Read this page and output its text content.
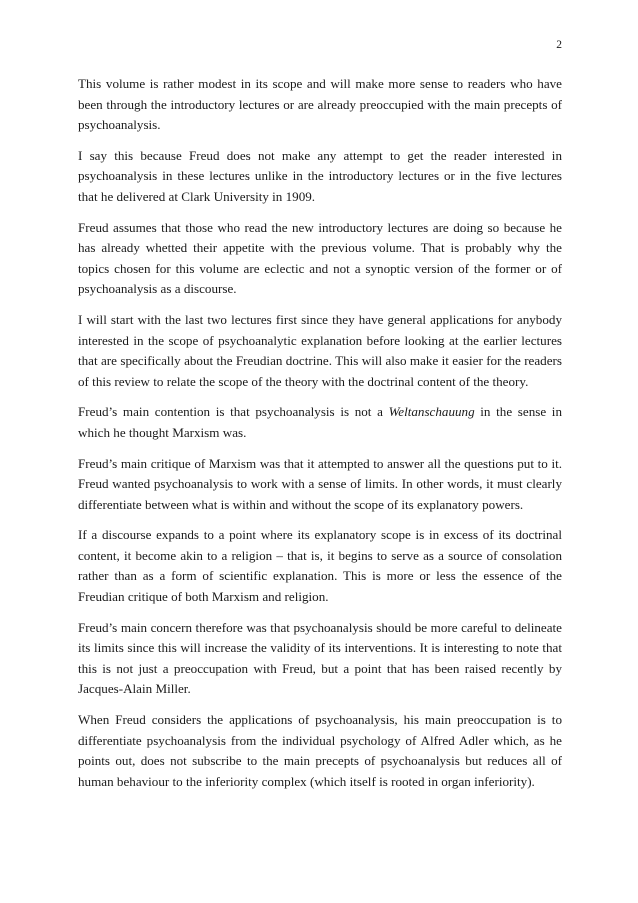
2

This volume is rather modest in its scope and will make more sense to readers who have been through the introductory lectures or are already preoccupied with the main precepts of psychoanalysis.

I say this because Freud does not make any attempt to get the reader interested in psychoanalysis in these lectures unlike in the introductory lectures or in the five lectures that he delivered at Clark University in 1909.

Freud assumes that those who read the new introductory lectures are doing so because he has already whetted their appetite with the previous volume. That is probably why the topics chosen for this volume are eclectic and not a synoptic version of the former or of psychoanalysis as a discourse.

I will start with the last two lectures first since they have general applications for anybody interested in the scope of psychoanalytic explanation before looking at the earlier lectures that are specifically about the Freudian doctrine. This will also make it easier for the readers of this review to relate the scope of the theory with the doctrinal content of the theory.

Freud’s main contention is that psychoanalysis is not a Weltanschauung in the sense in which he thought Marxism was.

Freud’s main critique of Marxism was that it attempted to answer all the questions put to it. Freud wanted psychoanalysis to work with a sense of limits. In other words, it must clearly differentiate between what is within and without the scope of its explanatory powers.

If a discourse expands to a point where its explanatory scope is in excess of its doctrinal content, it become akin to a religion – that is, it begins to serve as a source of consolation rather than as a form of scientific explanation. This is more or less the essence of the Freudian critique of both Marxism and religion.

Freud’s main concern therefore was that psychoanalysis should be more careful to delineate its limits since this will increase the validity of its interventions. It is interesting to note that this is not just a preoccupation with Freud, but a point that has been raised recently by Jacques-Alain Miller.

When Freud considers the applications of psychoanalysis, his main preoccupation is to differentiate psychoanalysis from the individual psychology of Alfred Adler which, as he points out, does not subscribe to the main precepts of psychoanalysis but reduces all of human behaviour to the inferiority complex (which itself is rooted in organ inferiority).
